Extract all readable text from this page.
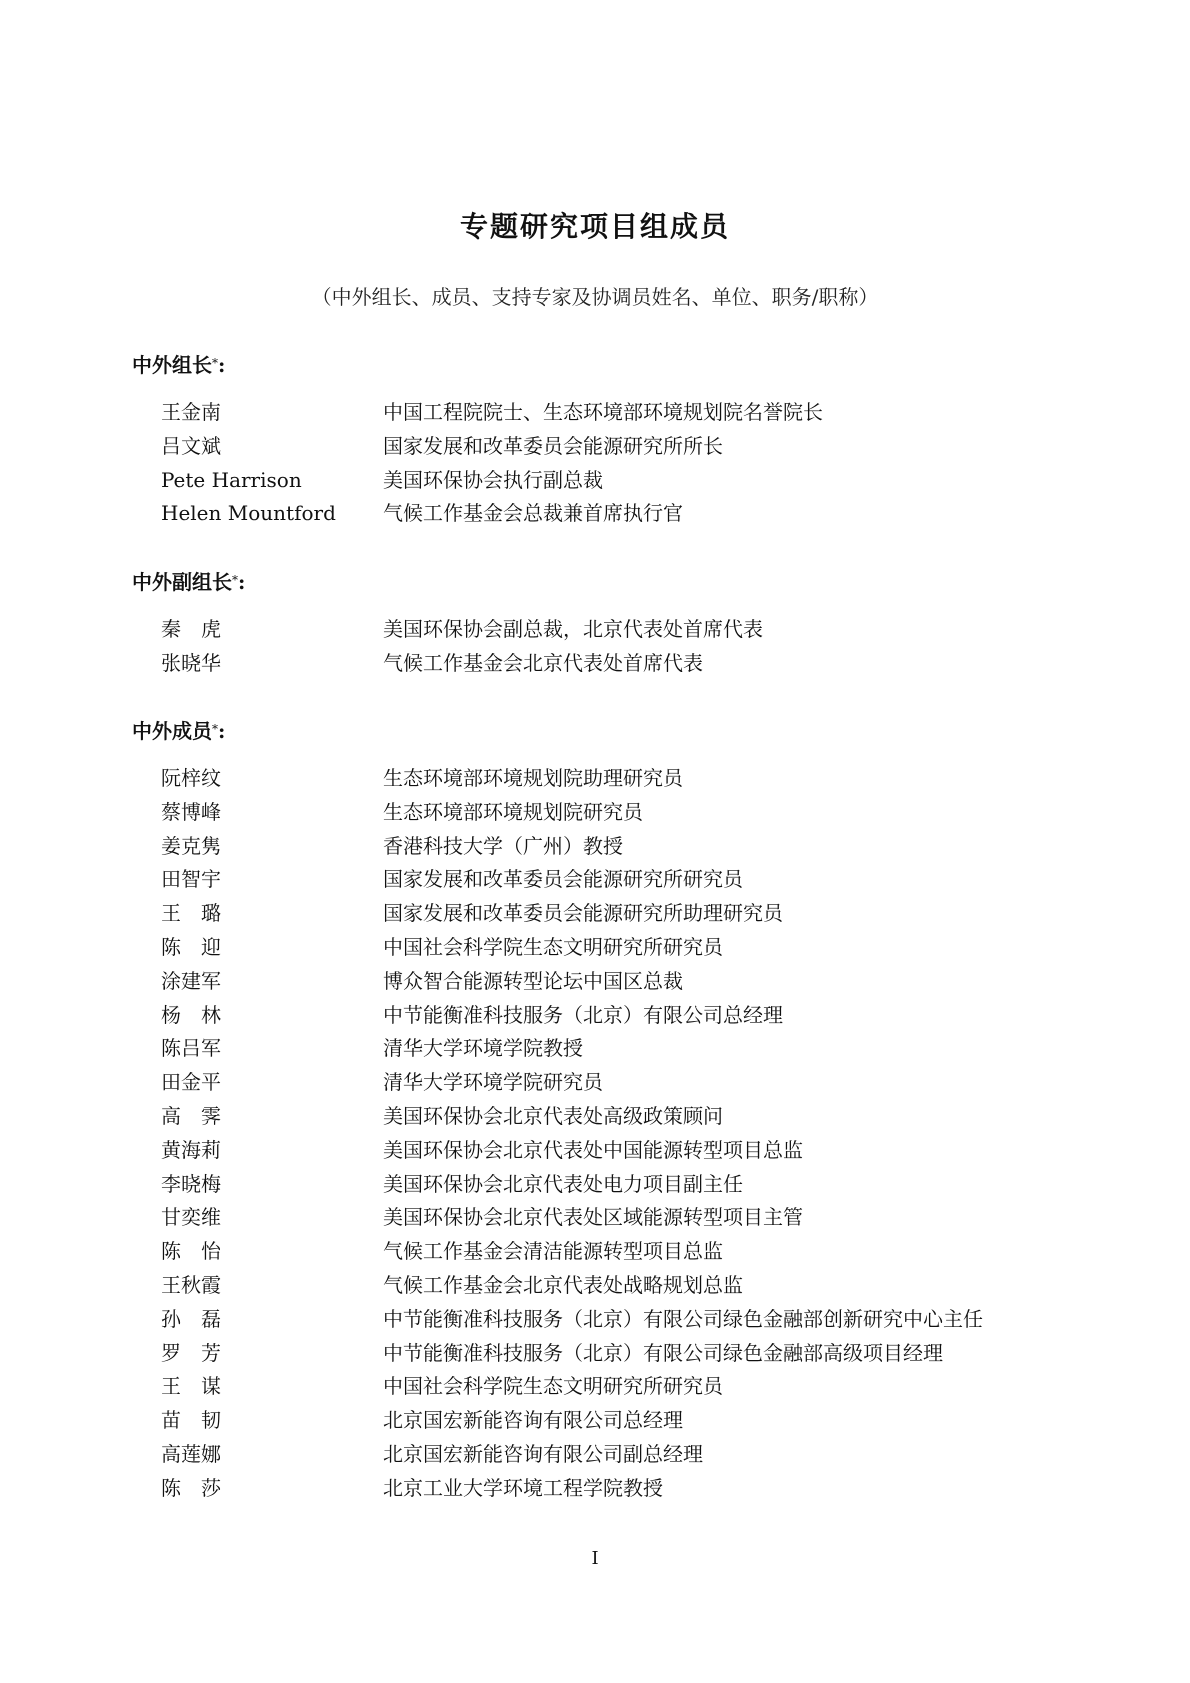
专题研究项目组成员
（中外组长、成员、支持专家及协调员姓名、单位、职务/职称）
中外组长*:
王金南	中国工程院院士、生态环境部环境规划院名誉院长
吕文斌	国家发展和改革委员会能源研究所所长
Pete Harrison	美国环保协会执行副总裁
Helen Mountford 气候工作基金会总裁兼首席执行官
中外副组长*:
秦　虎	美国环保协会副总裁，北京代表处首席代表
张晓华	气候工作基金会北京代表处首席代表
中外成员*:
阮梓纹	生态环境部环境规划院助理研究员
蔡博峰	生态环境部环境规划院研究员
姜克隽	香港科技大学（广州）教授
田智宇	国家发展和改革委员会能源研究所研究员
王　璐	国家发展和改革委员会能源研究所助理研究员
陈　迎	中国社会科学院生态文明研究所研究员
涂建军	博众智合能源转型论坛中国区总裁
杨　林	中节能衡准科技服务（北京）有限公司总经理
陈吕军	清华大学环境学院教授
田金平	清华大学环境学院研究员
高　霁	美国环保协会北京代表处高级政策顾问
黄海莉	美国环保协会北京代表处中国能源转型项目总监
李晓梅	美国环保协会北京代表处电力项目副主任
甘奕维	美国环保协会北京代表处区域能源转型项目主管
陈　怡	气候工作基金会清洁能源转型项目总监
王秋霞	气候工作基金会北京代表处战略规划总监
孙　磊	中节能衡准科技服务（北京）有限公司绿色金融部创新研究中心主任
罗　芳	中节能衡准科技服务（北京）有限公司绿色金融部高级项目经理
王　谋	中国社会科学院生态文明研究所研究员
苗　韧	北京国宏新能咨询有限公司总经理
高莲娜	北京国宏新能咨询有限公司副总经理
陈　莎	北京工业大学环境工程学院教授
I
